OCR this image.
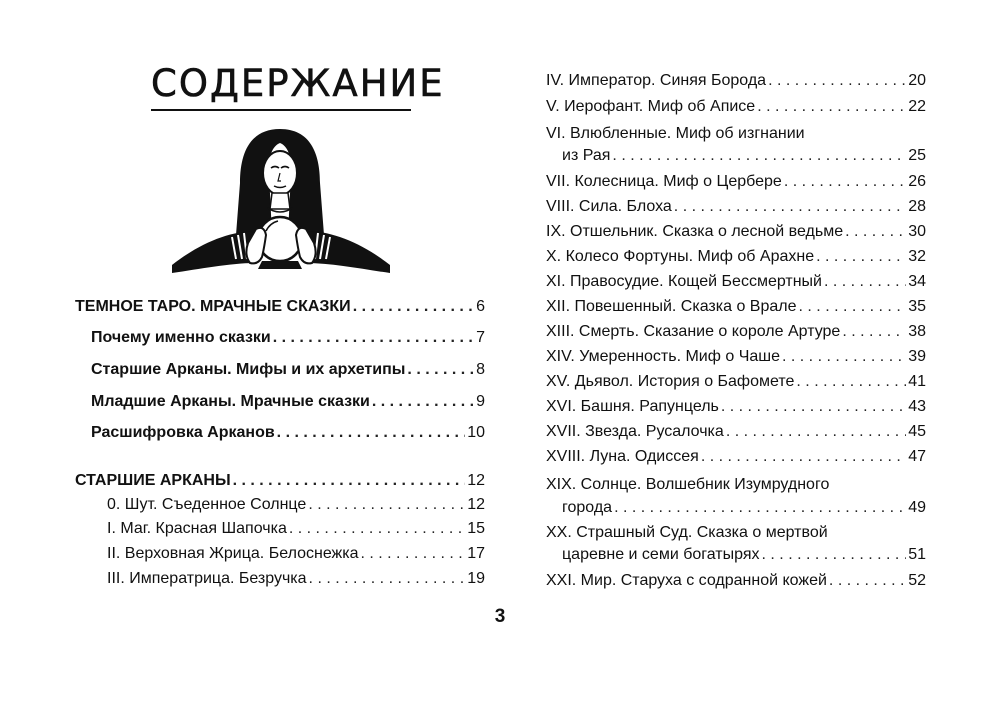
СОДЕРЖАНИЕ
ТЕМНОЕ ТАРО. МРАЧНЫЕ СКАЗКИ . . .	6
Почему именно сказки . . .	7
Старшие Арканы. Мифы и их архетипы . . .	8
Младшие Арканы. Мрачные сказки . . .	9
Расшифровка Арканов . . .	10
СТАРШИЕ АРКАНЫ . . .	12
0. Шут. Съеденное Солнце . . .	12
I. Маг. Красная Шапочка . . .	15
II. Верховная Жрица. Белоснежка . . .	17
III. Императрица. Безручка . . .	19
IV. Император. Синяя Борода . . .	20
V. Иерофант. Миф об Аписе . . .	22
VI. Влюбленные. Миф об изгнании
из Рая . . .	25
VII. Колесница. Миф о Цербере . . .	26
VIII. Сила. Блоха . . .	28
IX. Отшельник. Сказка о лесной ведьме . . .	30
X. Колесо Фортуны. Миф об Арахне . . .	32
XI. Правосудие. Кощей Бессмертный . . .	34
XII. Повешенный. Сказка о Врале . . .	35
XIII. Смерть. Сказание о короле Артуре . . .	38
XIV. Умеренность. Миф о Чаше . . .	39
XV. Дьявол. История о Бафомете . . .	41
XVI. Башня. Рапунцель . . .	43
XVII. Звезда. Русалочка . . .	45
XVIII. Луна. Одиссея . . .	47
XIX. Солнце. Волшебник Изумрудного
города . . .	49
XX. Страшный Суд. Сказка о мертвой
царевне и семи богатырях . . .	51
XXI. Мир. Старуха с содранной кожей . . .	52
3
